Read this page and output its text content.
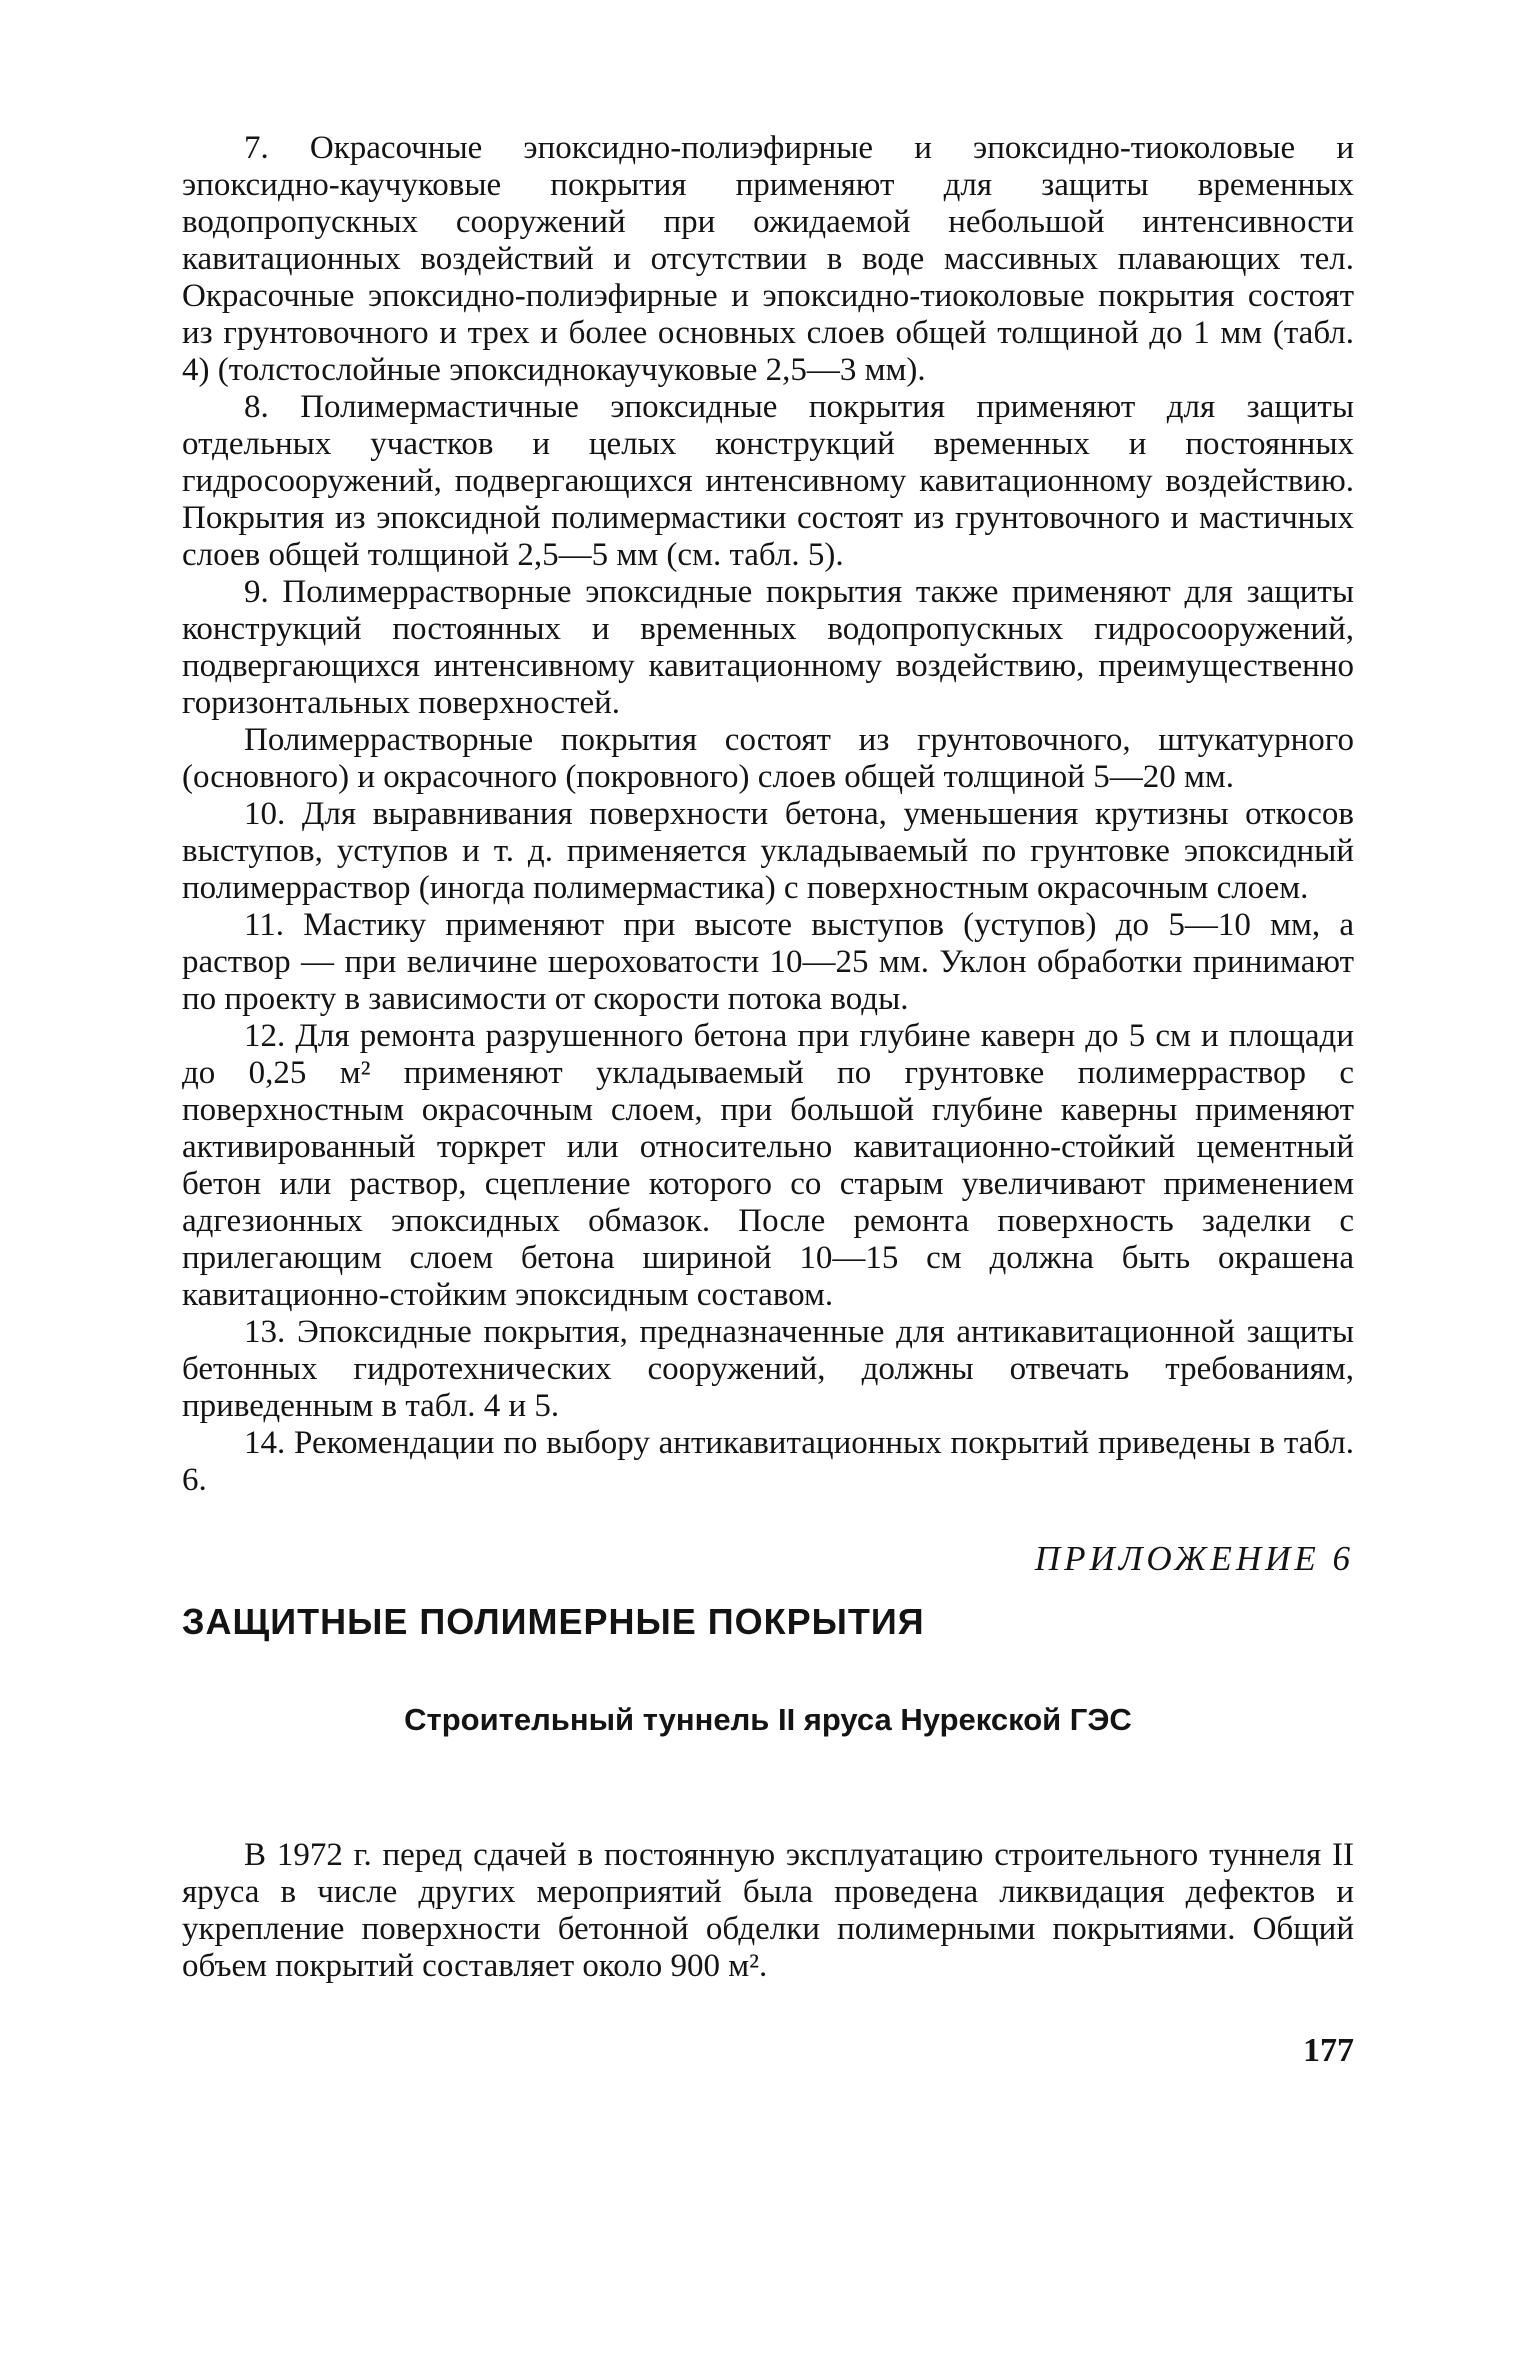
7. Окрасочные эпоксидно-полиэфирные и эпоксидно-тиоколовые и эпоксидно-каучуковые покрытия применяют для защиты временных водопропускных сооружений при ожидаемой небольшой интенсивности кавитационных воздействий и отсутствии в воде массивных плавающих тел. Окрасочные эпоксидно-полиэфирные и эпоксидно-тиоколовые покрытия состоят из грунтовочного и трех и более основных слоев общей толщиной до 1 мм (табл. 4) (толстослойные эпоксиднокаучуковые 2,5—3 мм).

8. Полимермастичные эпоксидные покрытия применяют для защиты отдельных участков и целых конструкций временных и постоянных гидросооружений, подвергающихся интенсивному кавитационному воздействию. Покрытия из эпоксидной полимермастики состоят из грунтовочного и мастичных слоев общей толщиной 2,5—5 мм (см. табл. 5).

9. Полимеррастворные эпоксидные покрытия также применяют для защиты конструкций постоянных и временных водопропускных гидросооружений, подвергающихся интенсивному кавитационному воздействию, преимущественно горизонтальных поверхностей.

Полимеррастворные покрытия состоят из грунтовочного, штукатурного (основного) и окрасочного (покровного) слоев общей толщиной 5—20 мм.

10. Для выравнивания поверхности бетона, уменьшения крутизны откосов выступов, уступов и т. д. применяется укладываемый по грунтовке эпоксидный полимерраствор (иногда полимермастика) с поверхностным окрасочным слоем.

11. Мастику применяют при высоте выступов (уступов) до 5—10 мм, а раствор — при величине шероховатости 10—25 мм. Уклон обработки принимают по проекту в зависимости от скорости потока воды.

12. Для ремонта разрушенного бетона при глубине каверн до 5 см и площади до 0,25 м² применяют укладываемый по грунтовке полимерраствор с поверхностным окрасочным слоем, при большой глубине каверны применяют активированный торкрет или относительно кавитационно-стойкий цементный бетон или раствор, сцепление которого со старым увеличивают применением адгезионных эпоксидных обмазок. После ремонта поверхность заделки с прилегающим слоем бетона шириной 10—15 см должна быть окрашена кавитационно-стойким эпоксидным составом.

13. Эпоксидные покрытия, предназначенные для антикавитационной защиты бетонных гидротехнических сооружений, должны отвечать требованиям, приведенным в табл. 4 и 5.

14. Рекомендации по выбору антикавитационных покрытий приведены в табл. 6.

ПРИЛОЖЕНИЕ 6
ЗАЩИТНЫЕ ПОЛИМЕРНЫЕ ПОКРЫТИЯ
Строительный туннель II яруса Нурекской ГЭС

В 1972 г. перед сдачей в постоянную эксплуатацию строительного туннеля II яруса в числе других мероприятий была проведена ликвидация дефектов и укрепление поверхности бетонной обделки полимерными покрытиями. Общий объем покрытий составляет около 900 м².

177
